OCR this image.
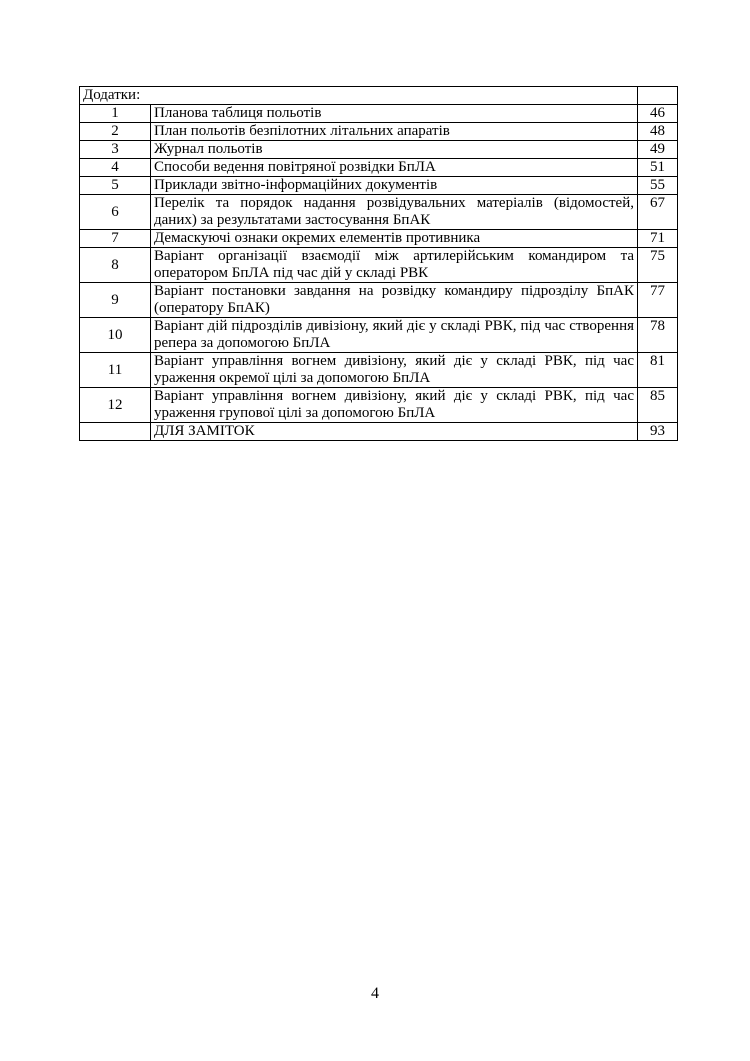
Додатки:		
1	Планова таблиця польотів	46
2	План польотів безпілотних літальних апаратів	48
3	Журнал польотів	49
4	Способи ведення повітряної розвідки БпЛА	51
5	Приклади звітно-інформаційних документів	55
6	Перелік та порядок надання розвідувальних матеріалів (відомостей, даних) за результатами застосування БпАК	67
7	Демаскуючі ознаки окремих елементів противника	71
8	Варіант організації взаємодії між артилерійським командиром та оператором БпЛА під час дій у складі РВК	75
9	Варіант постановки завдання на розвідку командиру підрозділу БпАК (оператору БпАК)	77
10	Варіант дій підрозділів дивізіону, який діє у складі РВК, під час створення репера за допомогою БпЛА	78
11	Варіант управління вогнем дивізіону, який діє у складі РВК, під час ураження окремої цілі за допомогою БпЛА	81
12	Варіант управління вогнем дивізіону, який діє у складі РВК, під час ураження групової цілі за допомогою БпЛА	85
	ДЛЯ ЗАМІТОК	93
4
